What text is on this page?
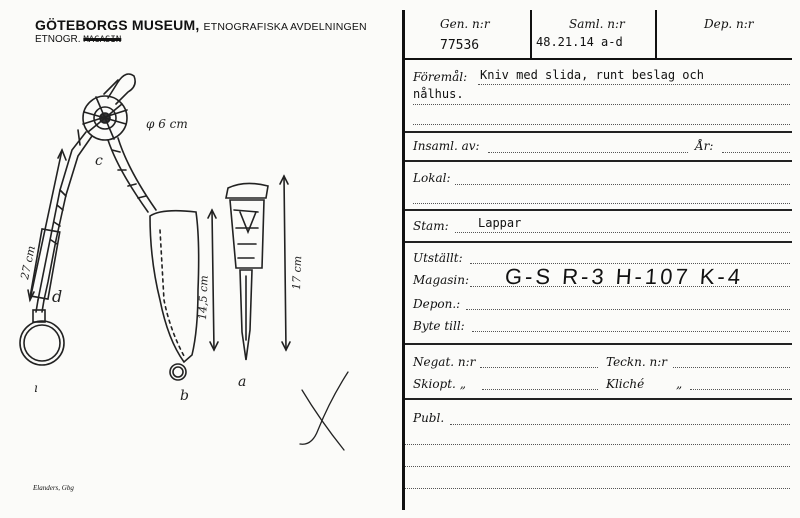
GÖTEBORGS MUSEUM, ETNOGRAFISKA AVDELNINGEN
ETNOGR. MAGASIN
c
d
b
a
ı
φ 6 cm
27 cm
14,5 cm
17 cm
Elanders, Gbg
Gen. n:r
77536
Saml. n:r
48.21.14 a-d
Dep. n:r
Föremål: Kniv med slida, runt beslag och
nålhus.
Insaml. av:	År:
Lokal:
Stam: Lappar
Utställt:
Magasin: G-S R-3 H-107 K-4
Depon.:
Byte till:
Negat. n:r	Teckn. n:r
Skiopt. „	Kliché	„
Publ.
